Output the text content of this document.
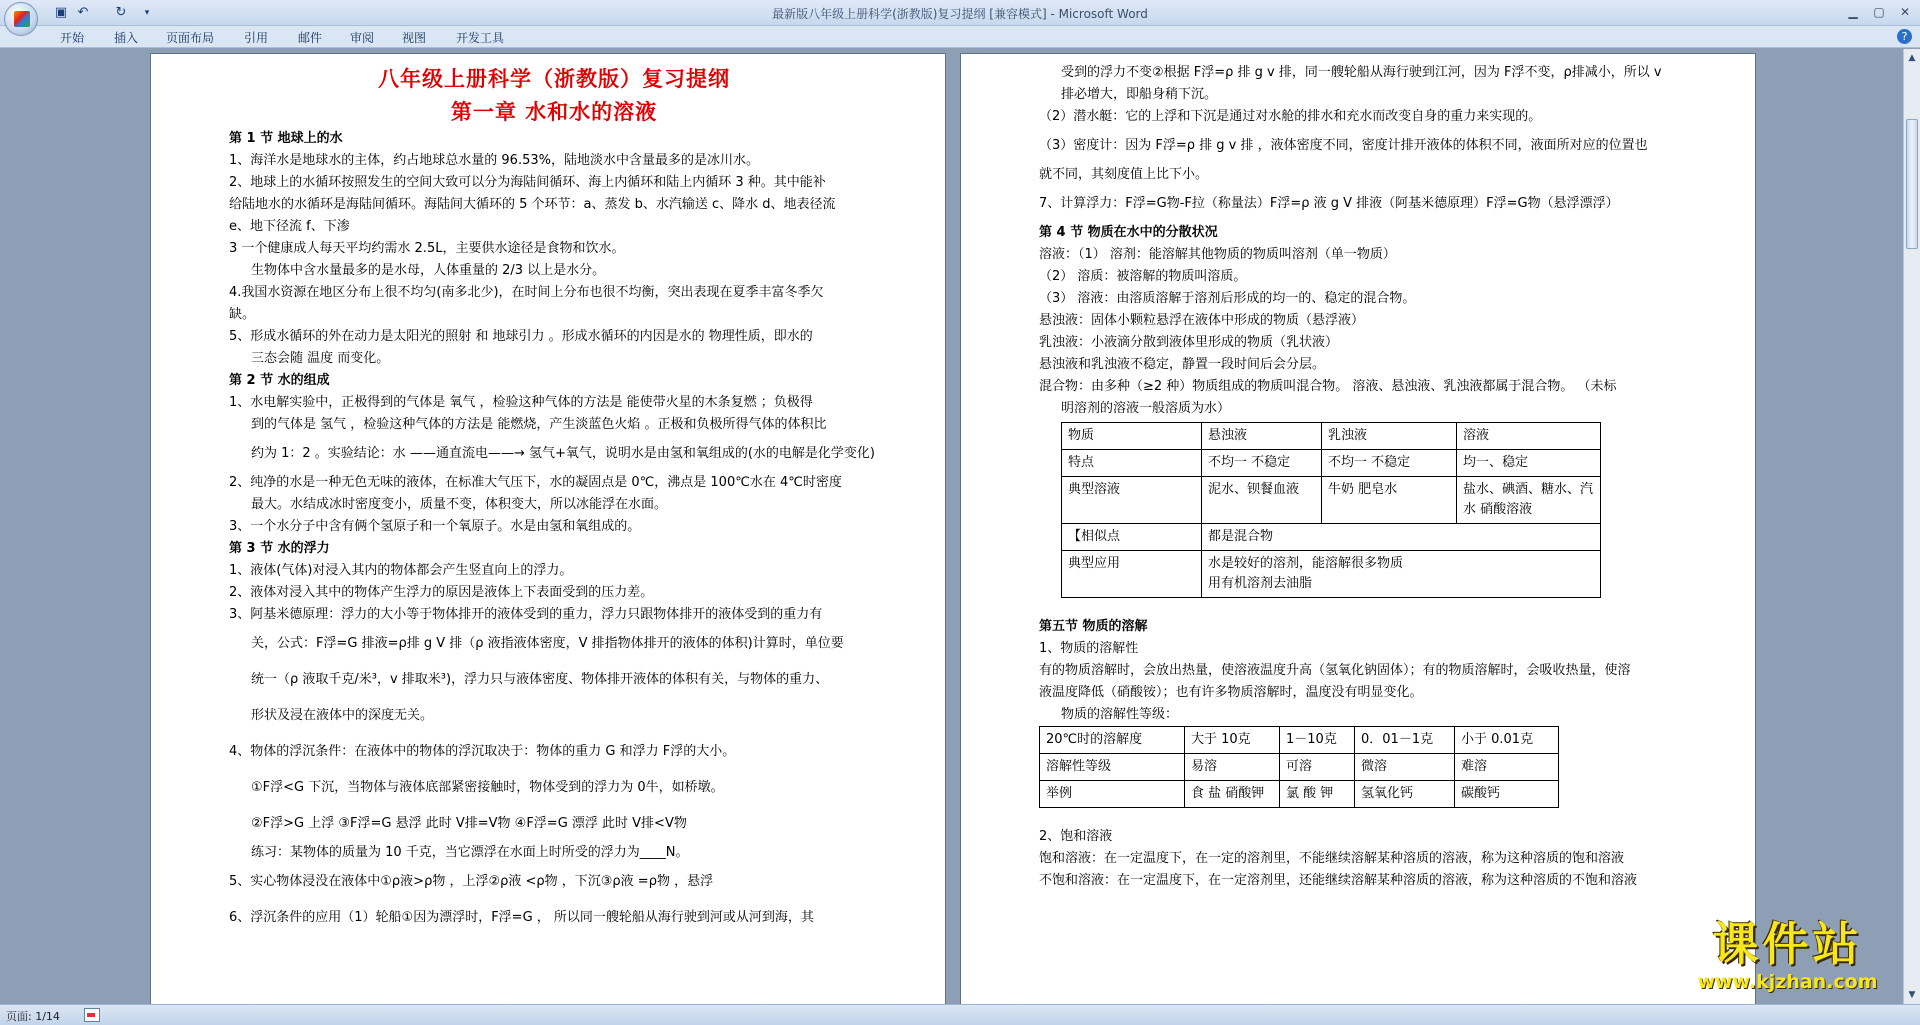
▣ ↶ ↻	▾	最新版八年级上册科学(浙教版)复习提纲 [兼容模式] - Microsoft Word	▁	▢	✕
开始 插入 页面布局 引用 邮件 审阅 视图 开发工具	?
八年级上册科学（浙教版）复习提纲
第一章 水和水的溶液
第 1 节 地球上的水
1、海洋水是地球水的主体，约占地球总水量的 96.53%，陆地淡水中含量最多的是冰川水。
2、地球上的水循环按照发生的空间大致可以分为海陆间循环、海上内循环和陆上内循环 3 种。其中能补
给陆地水的水循环是海陆间循环。海陆间大循环的 5 个环节：a、蒸发 b、水汽输送 c、降水 d、地表径流
e、地下径流 f、下渗
3 一个健康成人每天平均约需水 2.5L，主要供水途径是食物和饮水。
生物体中含水量最多的是水母，人体重量的 2/3 以上是水分。
4.我国水资源在地区分布上很不均匀(南多北少)，在时间上分布也很不均衡，突出表现在夏季丰富冬季欠
缺。
5、形成水循环的外在动力是太阳光的照射 和 地球引力 。形成水循环的内因是水的 物理性质，即水的
三态会随 温度 而变化。
第 2 节 水的组成
1、水电解实验中，正极得到的气体是 氧气 ，检验这种气体的方法是 能使带火星的木条复燃 ；负极得
到的气体是 氢气 ，检验这种气体的方法是 能燃烧，产生淡蓝色火焰 。正极和负极所得气体的体积比
约为 1：2 。实验结论：水 ——通直流电——→ 氢气+氧气，说明水是由氢和氧组成的(水的电解是化学变化)
2、纯净的水是一种无色无味的液体，在标准大气压下，水的凝固点是 0℃，沸点是 100℃水在 4℃时密度
最大。水结成冰时密度变小，质量不变，体积变大，所以冰能浮在水面。
3、一个水分子中含有俩个氢原子和一个氧原子。水是由氢和氧组成的。
第 3 节 水的浮力
1、液体(气体)对浸入其内的物体都会产生竖直向上的浮力。
2、液体对浸入其中的物体产生浮力的原因是液体上下表面受到的压力差。
3、阿基米德原理：浮力的大小等于物体排开的液体受到的重力，浮力只跟物体排开的液体受到的重力有
关，公式：F浮=G 排液=ρ排 g V 排（ρ 液指液体密度，V 排指物体排开的液体的体积)计算时，单位要
统一（ρ 液取千克/米³，v 排取米³)，浮力只与液体密度、物体排开液体的体积有关，与物体的重力、
形状及浸在液体中的深度无关。
4、物体的浮沉条件：在液体中的物体的浮沉取决于：物体的重力 G 和浮力 F浮的大小。
①F浮<G 下沉，当物体与液体底部紧密接触时，物体受到的浮力为 0牛，如桥墩。
②F浮>G 上浮 ③F浮=G 悬浮 此时 V排=V物 ④F浮=G 漂浮 此时 V排<V物
练习：某物体的质量为 10 千克，当它漂浮在水面上时所受的浮力为____N。
5、实心物体浸没在液体中①ρ液>ρ物 ，上浮②ρ液 <ρ物 ，下沉③ρ液 =ρ物 ，悬浮
6、浮沉条件的应用（1）轮船①因为漂浮时，F浮=G ， 所以同一艘轮船从海行驶到河或从河到海，其
受到的浮力不变②根据 F浮=ρ 排 g v 排，同一艘轮船从海行驶到江河，因为 F浮不变，ρ排减小，所以 v
排必增大，即船身稍下沉。
（2）潜水艇：它的上浮和下沉是通过对水舱的排水和充水而改变自身的重力来实现的。
（3）密度计：因为 F浮=ρ 排 g v 排 ，液体密度不同，密度计排开液体的体积不同，液面所对应的位置也
就不同，其刻度值上比下小。
7、计算浮力：F浮=G物-F拉（称量法）F浮=ρ 液 g V 排液（阿基米德原理）F浮=G物（悬浮漂浮）
第 4 节 物质在水中的分散状况
溶液：（1） 溶剂：能溶解其他物质的物质叫溶剂（单一物质）
（2） 溶质：被溶解的物质叫溶质。
（3） 溶液：由溶质溶解于溶剂后形成的均一的、稳定的混合物。
悬浊液：固体小颗粒悬浮在液体中形成的物质（悬浮液）
乳浊液：小液滴分散到液体里形成的物质（乳状液）
悬浊液和乳浊液不稳定，静置一段时间后会分层。
混合物：由多种（≥2 种）物质组成的物质叫混合物。 溶液、悬浊液、乳浊液都属于混合物。 （未标
明溶剂的溶液一般溶质为水）
物质	悬浊液	乳浊液	溶液
特点	不均一 不稳定	不均一 不稳定	均一、稳定
典型溶液	泥水、钡餐血液	牛奶 肥皂水	盐水、碘酒、糖水、汽水 硝酸溶液
【相似点	都是混合物		
典型应用	水是较好的溶剂，能溶解很多物质
用有机溶剂去油脂		
第五节 物质的溶解
1、物质的溶解性
有的物质溶解时，会放出热量，使溶液温度升高（氢氧化钠固体）；有的物质溶解时，会吸收热量，使溶
液温度降低（硝酸铵）；也有许多物质溶解时，温度没有明显变化。
物质的溶解性等级：
20℃时的溶解度	大于 10克	1－10克	0．01－1克	小于 0.01克
溶解性等级	易溶	可溶	微溶	难溶
举例	食 盐 硝酸钾	氯 酸 钾	氢氧化钙	碳酸钙
2、饱和溶液
饱和溶液：在一定温度下，在一定的溶剂里，不能继续溶解某种溶质的溶液，称为这种溶质的饱和溶液
不饱和溶液：在一定温度下，在一定溶剂里，还能继续溶解某种溶质的溶液，称为这种溶质的不饱和溶液
▲
▼
页面: 1/14
课件站
www.kjzhan.com
